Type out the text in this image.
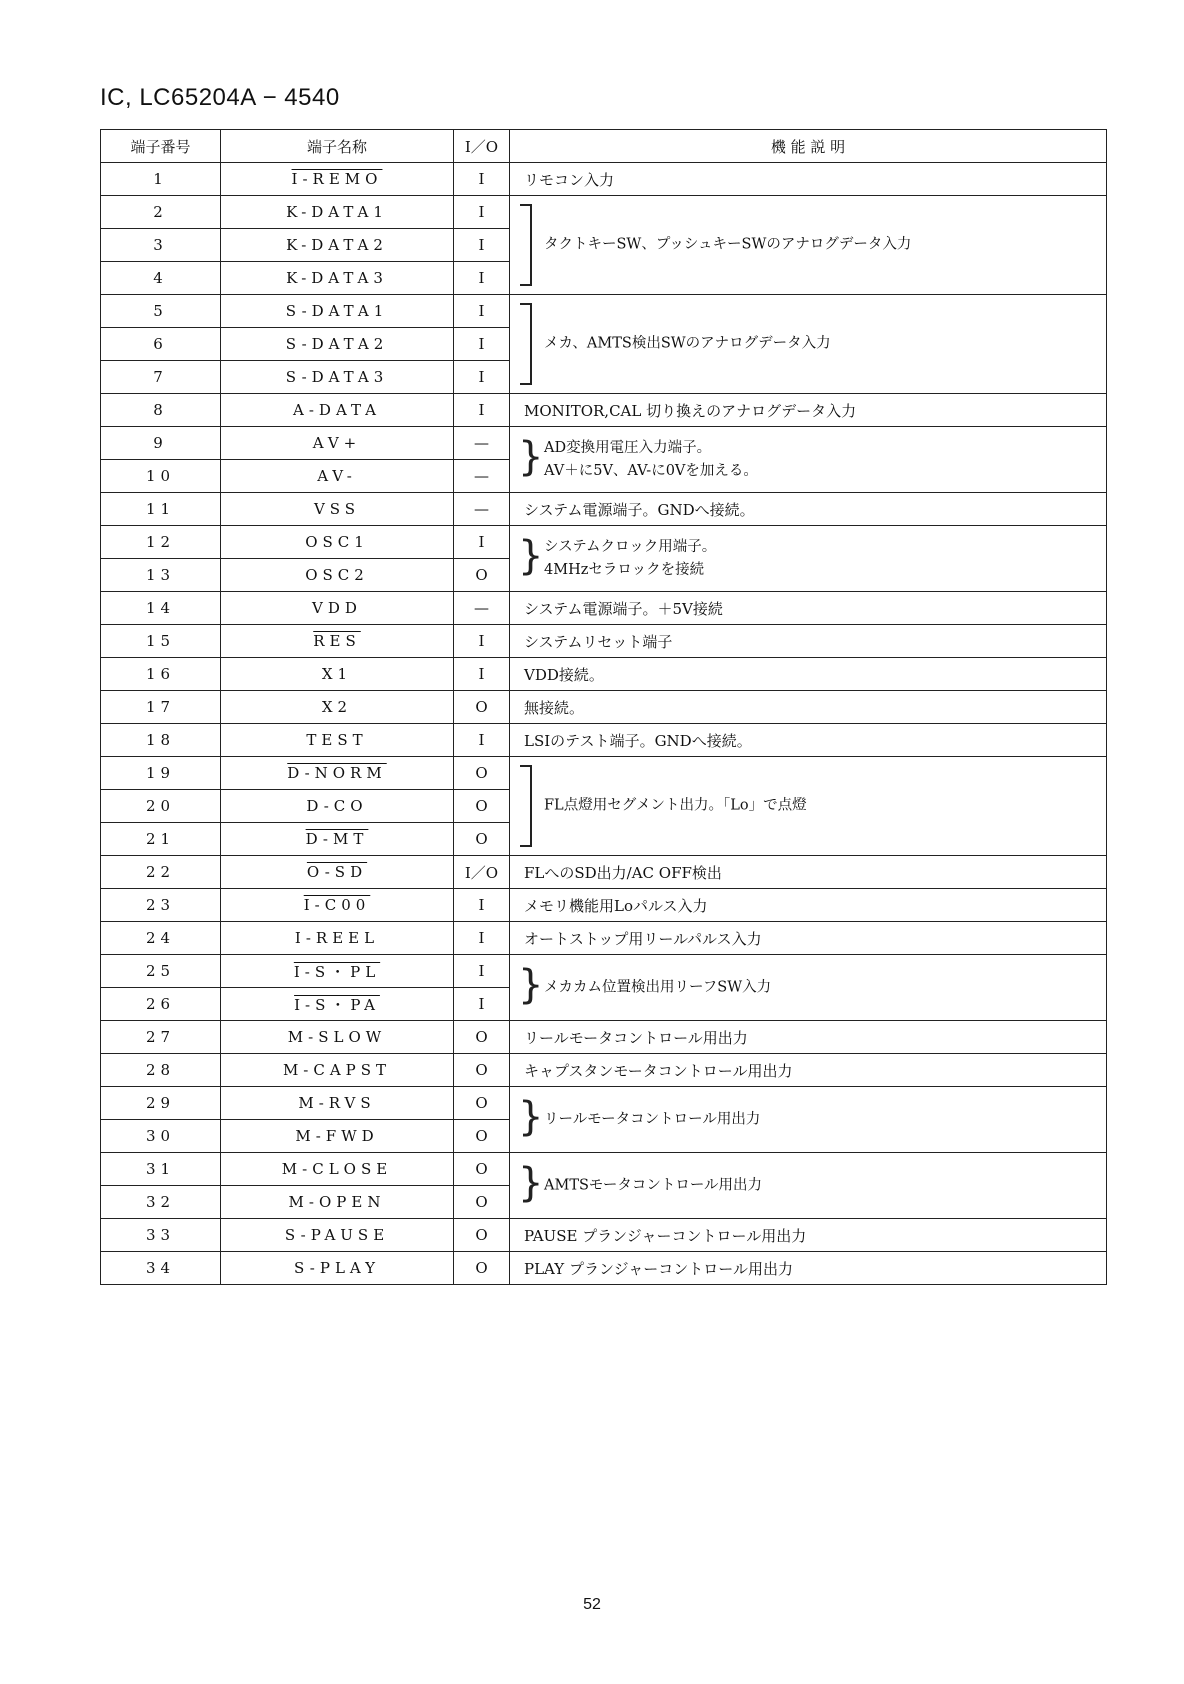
IC, LC65204A − 4540
端子番号	端子名称	I／O	機 能 説 明
1	I-REMO	I	リモコン入力
2	K-DATA1	I	タクトキーSW、プッシュキーSWのアナログデータ入力

3	K-DATA2	I	
4	K-DATA3	I	
5	S-DATA1	I	メカ、AMTS検出SWのアナログデータ入力

6	S-DATA2	I	
7	S-DATA3	I	
8	A-DATA	I	MONITOR,CAL 切り換えのアナログデータ入力
9	AV+	—	} AD変換用電圧入力端子。
AV＋に5V、AV-に0Vを加える。

10	AV-	—	
11	VSS	—	システム電源端子。GNDへ接続。
12	OSC1	I	} システムクロック用端子。
4MHzセラロックを接続

13	OSC2	O	
14	VDD	—	システム電源端子。＋5V接続
15	$\overline{RES}$	I	システムリセット端子
16	X1	I	VDD接続。
17	X2	O	無接続。
18	TEST	I	LSIのテスト端子。GNDへ接続。
19	D-NORM	O	FL点燈用セグメント出力。「Lo」で点燈

20	D-CO	O	
21	D-MT	O	
22	O-SD	I／O	FLへのSD出力/AC OFF検出
23	I-C00	I	メモリ機能用Loパルス入力
24	I-REEL	I	オートストップ用リールパルス入力
25	I-S・PL	I	} メカカム位置検出用リーフSW入力

26	I-S・PA	I	
27	M-SLOW	O	リールモータコントロール用出力
28	M-CAPST	O	キャプスタンモータコントロール用出力
29	M-RVS	O	} リールモータコントロール用出力

30	M-FWD	O	
31	M-CLOSE	O	} AMTSモータコントロール用出力

32	M-OPEN	O	
33	S-PAUSE	O	PAUSE プランジャーコントロール用出力
34	S-PLAY	O	PLAY プランジャーコントロール用出力
52
